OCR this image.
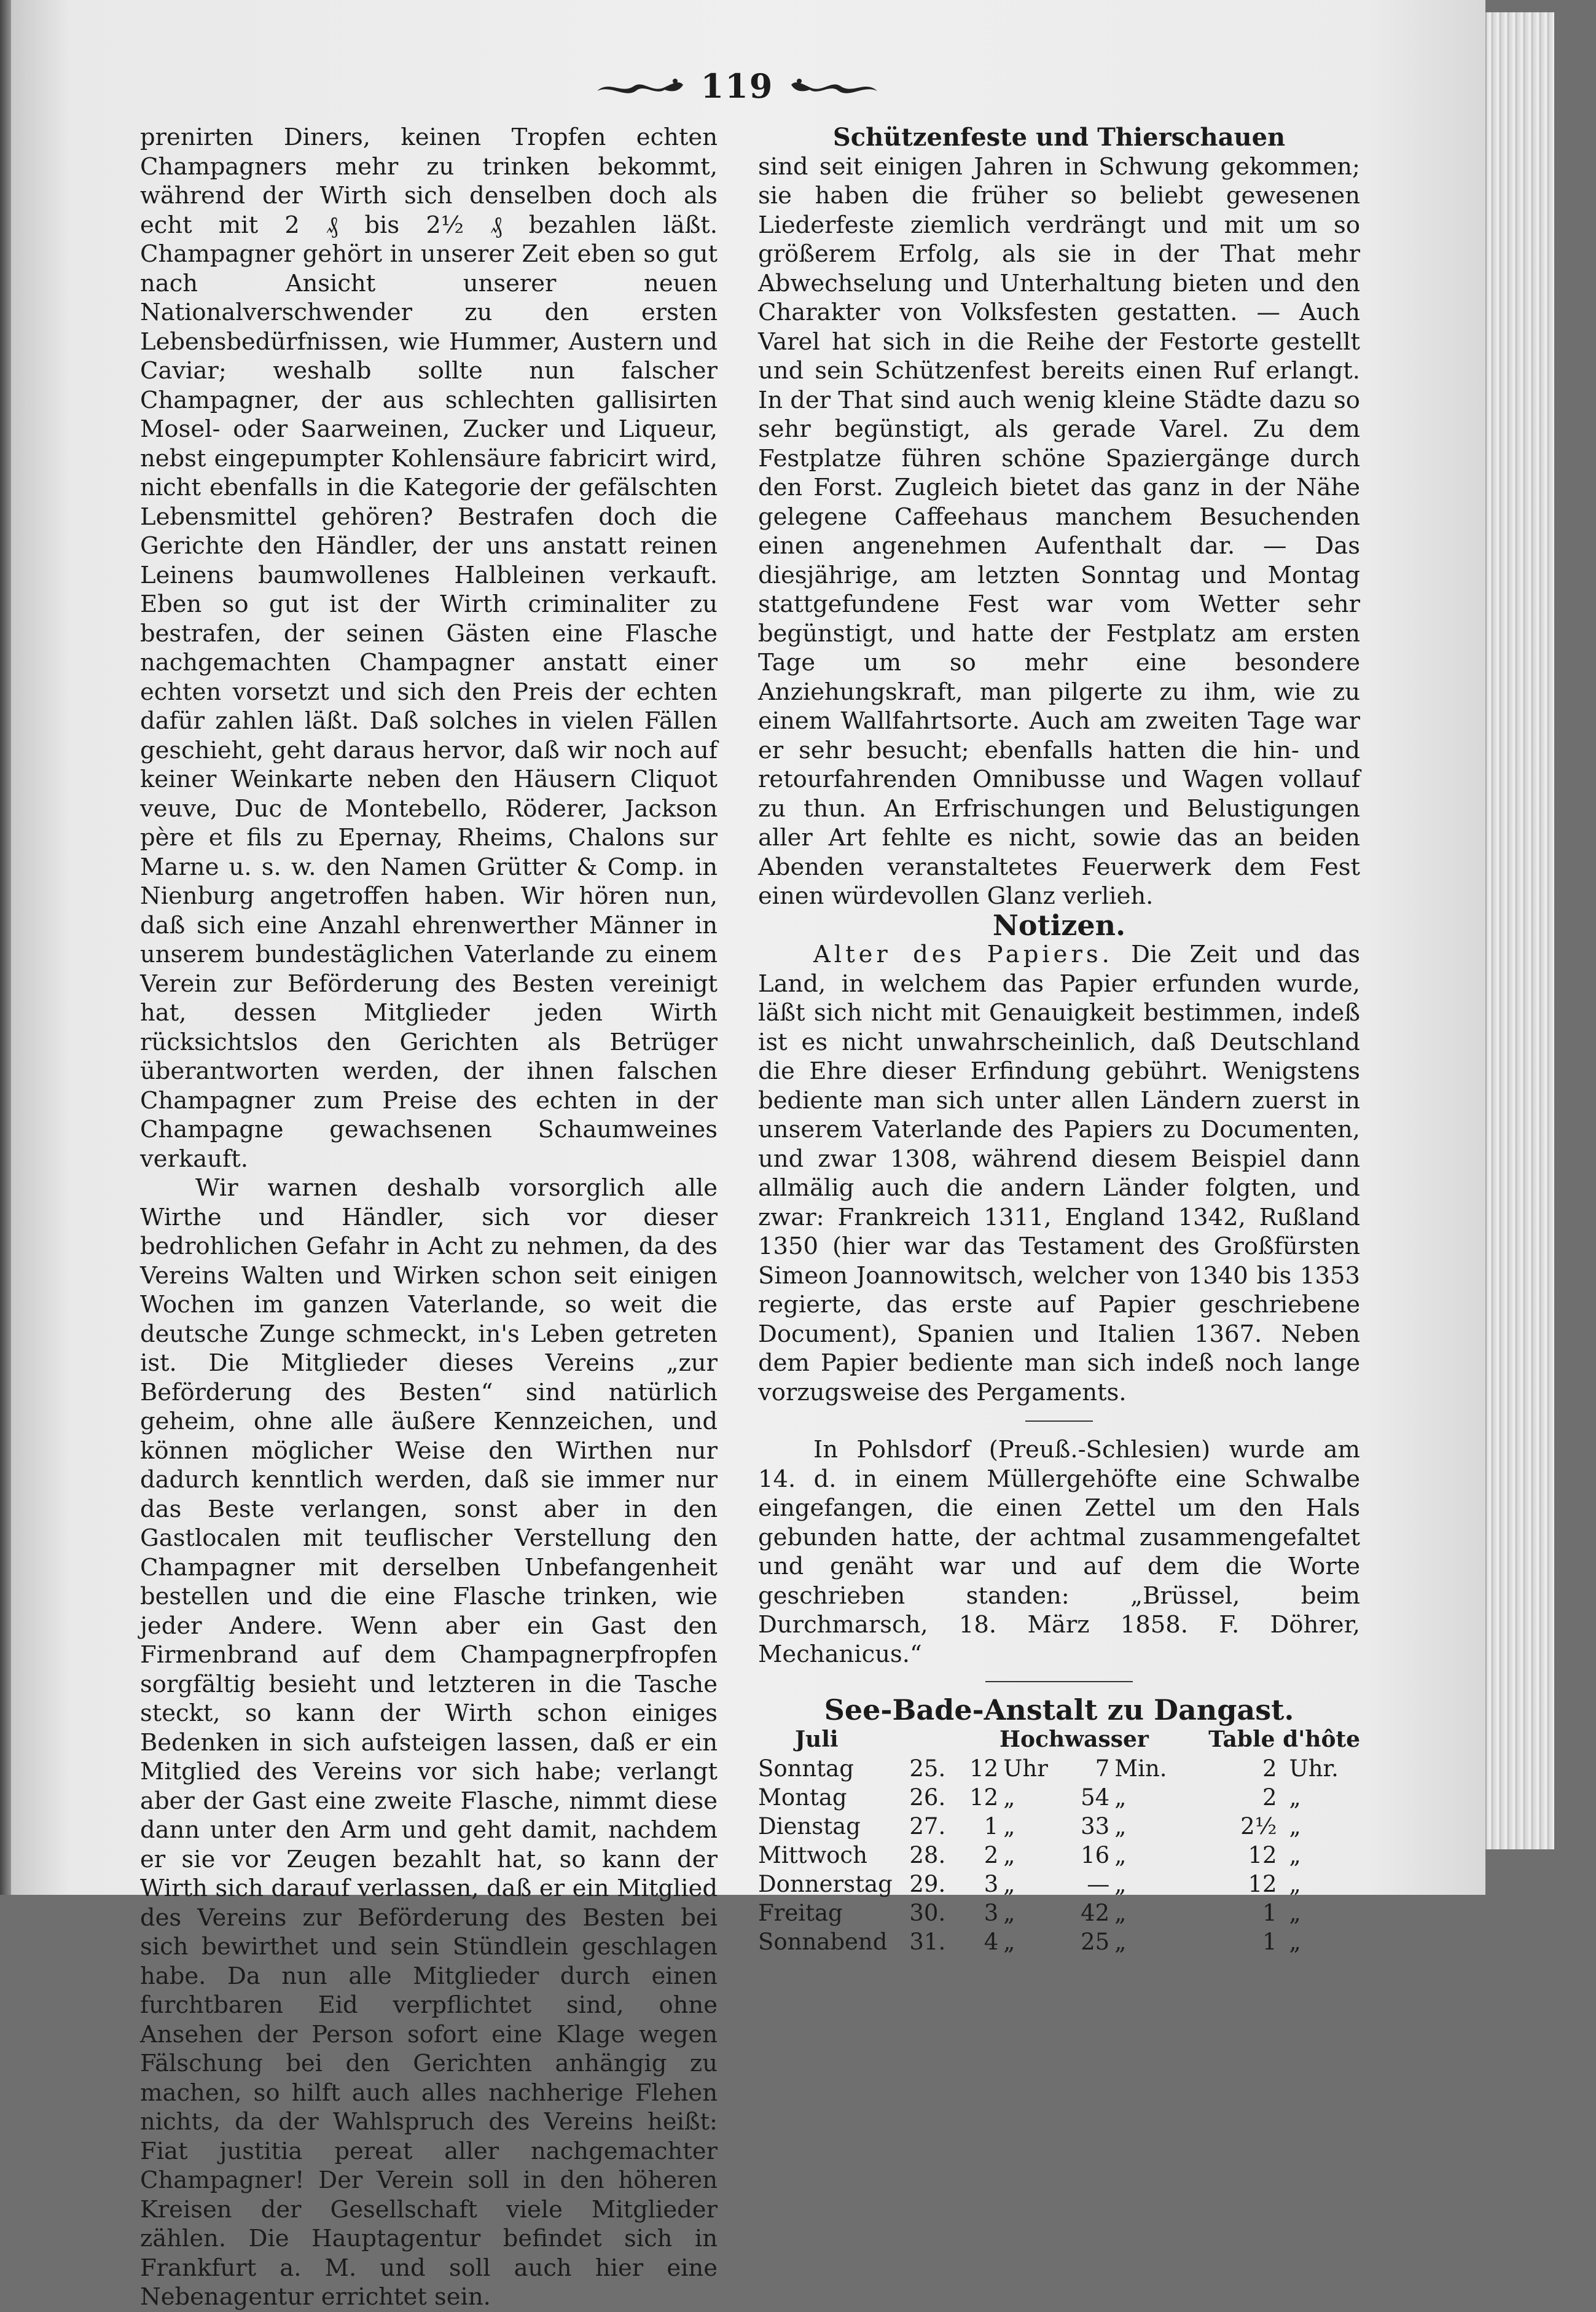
119

prenirten Diners, keinen Tropfen echten Champagners mehr zu trinken bekommt, während der Wirth sich denselben doch als echt mit 2 ₰ bis 2½ ₰ bezahlen läßt. Champagner gehört in unserer Zeit eben so gut nach Ansicht unserer neuen Nationalverschwender zu den ersten Lebensbedürfnissen, wie Hummer, Austern und Caviar; weshalb sollte nun falscher Champagner, der aus schlechten gallisirten Mosel- oder Saarweinen, Zucker und Liqueur, nebst eingepumpter Kohlensäure fabricirt wird, nicht ebenfalls in die Kategorie der gefälschten Lebensmittel gehören? Bestrafen doch die Gerichte den Händler, der uns anstatt reinen Leinens baumwollenes Halbleinen verkauft. Eben so gut ist der Wirth criminaliter zu bestrafen, der seinen Gästen eine Flasche nachgemachten Champagner anstatt einer echten vorsetzt und sich den Preis der echten dafür zahlen läßt. Daß solches in vielen Fällen geschieht, geht daraus hervor, daß wir noch auf keiner Weinkarte neben den Häusern Cliquot veuve, Duc de Montebello, Röderer, Jackson père et fils zu Epernay, Rheims, Chalons sur Marne u. s. w. den Namen Grütter & Comp. in Nienburg angetroffen haben. Wir hören nun, daß sich eine Anzahl ehrenwerther Männer in unserem bundestäglichen Vaterlande zu einem Verein zur Beförderung des Besten vereinigt hat, dessen Mitglieder jeden Wirth rücksichtslos den Gerichten als Betrüger überantworten werden, der ihnen falschen Champagner zum Preise des echten in der Champagne gewachsenen Schaumweines verkauft.

Wir warnen deshalb vorsorglich alle Wirthe und Händler, sich vor dieser bedrohlichen Gefahr in Acht zu nehmen, da des Vereins Walten und Wirken schon seit einigen Wochen im ganzen Vaterlande, so weit die deutsche Zunge schmeckt, in's Leben getreten ist. Die Mitglieder dieses Vereins „zur Beförderung des Besten“ sind natürlich geheim, ohne alle äußere Kennzeichen, und können möglicher Weise den Wirthen nur dadurch kenntlich werden, daß sie immer nur das Beste verlangen, sonst aber in den Gastlocalen mit teuflischer Verstellung den Champagner mit derselben Unbefangenheit bestellen und die eine Flasche trinken, wie jeder Andere. Wenn aber ein Gast den Firmenbrand auf dem Champagnerpfropfen sorgfältig besieht und letzteren in die Tasche steckt, so kann der Wirth schon einiges Bedenken in sich aufsteigen lassen, daß er ein Mitglied des Vereins vor sich habe; verlangt aber der Gast eine zweite Flasche, nimmt diese dann unter den Arm und geht damit, nachdem er sie vor Zeugen bezahlt hat, so kann der Wirth sich darauf verlassen, daß er ein Mitglied des Vereins zur Beförderung des Besten bei sich bewirthet und sein Stündlein geschlagen habe. Da nun alle Mitglieder durch einen furchtbaren Eid verpflichtet sind, ohne Ansehen der Person sofort eine Klage wegen Fälschung bei den Gerichten anhängig zu machen, so hilft auch alles nachherige Flehen nichts, da der Wahlspruch des Vereins heißt: Fiat justitia pereat aller nachgemachter Champagner! Der Verein soll in den höheren Kreisen der Gesellschaft viele Mitglieder zählen. Die Hauptagentur befindet sich in Frankfurt a. M. und soll auch hier eine Nebenagentur errichtet sein.

Schützenfeste und Thierschauen

sind seit einigen Jahren in Schwung gekommen; sie haben die früher so beliebt gewesenen Liederfeste ziemlich verdrängt und mit um so größerem Erfolg, als sie in der That mehr Abwechselung und Unterhaltung bieten und den Charakter von Volksfesten gestatten. — Auch Varel hat sich in die Reihe der Festorte gestellt und sein Schützenfest bereits einen Ruf erlangt. In der That sind auch wenig kleine Städte dazu so sehr begünstigt, als gerade Varel. Zu dem Festplatze führen schöne Spaziergänge durch den Forst. Zugleich bietet das ganz in der Nähe gelegene Caffeehaus manchem Besuchenden einen angenehmen Aufenthalt dar. — Das diesjährige, am letzten Sonntag und Montag stattgefundene Fest war vom Wetter sehr begünstigt, und hatte der Festplatz am ersten Tage um so mehr eine besondere Anziehungskraft, man pilgerte zu ihm, wie zu einem Wallfahrtsorte. Auch am zweiten Tage war er sehr besucht; ebenfalls hatten die hin- und retourfahrenden Omnibusse und Wagen vollauf zu thun. An Erfrischungen und Belustigungen aller Art fehlte es nicht, sowie das an beiden Abenden veranstaltetes Feuerwerk dem Fest einen würdevollen Glanz verlieh.

Notizen.

Alter des Papiers. Die Zeit und das Land, in welchem das Papier erfunden wurde, läßt sich nicht mit Genauigkeit bestimmen, indeß ist es nicht unwahrscheinlich, daß Deutschland die Ehre dieser Erfindung gebührt. Wenigstens bediente man sich unter allen Ländern zuerst in unserem Vaterlande des Papiers zu Documenten, und zwar 1308, während diesem Beispiel dann allmälig auch die andern Länder folgten, und zwar: Frankreich 1311, England 1342, Rußland 1350 (hier war das Testament des Großfürsten Simeon Joannowitsch, welcher von 1340 bis 1353 regierte, das erste auf Papier geschriebene Document), Spanien und Italien 1367. Neben dem Papier bediente man sich indeß noch lange vorzugsweise des Pergaments.

In Pohlsdorf (Preuß.-Schlesien) wurde am 14. d. in einem Müllergehöfte eine Schwalbe eingefangen, die einen Zettel um den Hals gebunden hatte, der achtmal zusammengefaltet und genäht war und auf dem die Worte geschrieben standen: „Brüssel, beim Durchmarsch, 18. März 1858. F. Döhrer, Mechanicus.“

See-Bade-Anstalt zu Dangast.

Juli		Hochwasser				Table d'hôte	
Sonntag	25.	12	Uhr	7	Min.	2	Uhr.
Montag	26.	12	„	54	„	2	„
Dienstag	27.	1	„	33	„	2½	„
Mittwoch	28.	2	„	16	„	12	„
Donnerstag	29.	3	„	—	„	12	„
Freitag	30.	3	„	42	„	1	„
Sonnabend	31.	4	„	25	„	1	„
